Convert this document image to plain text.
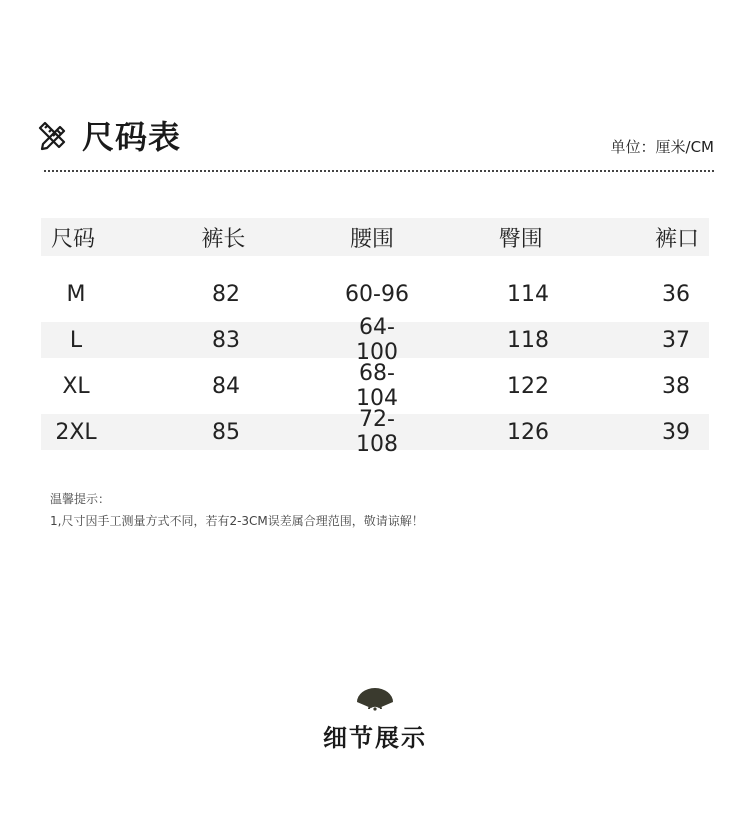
尺码表	单位：厘米/CM
尺码	裤长	腰围	臀围	裤口
M	82	60-96	114	36
L	83	64-100	118	37
XL	84	68-104	122	38
2XL	85	72-108	126	39
温馨提示：
1,尺寸因手工测量方式不同，若有2-3CM误差属合理范围，敬请谅解！
细节展示
